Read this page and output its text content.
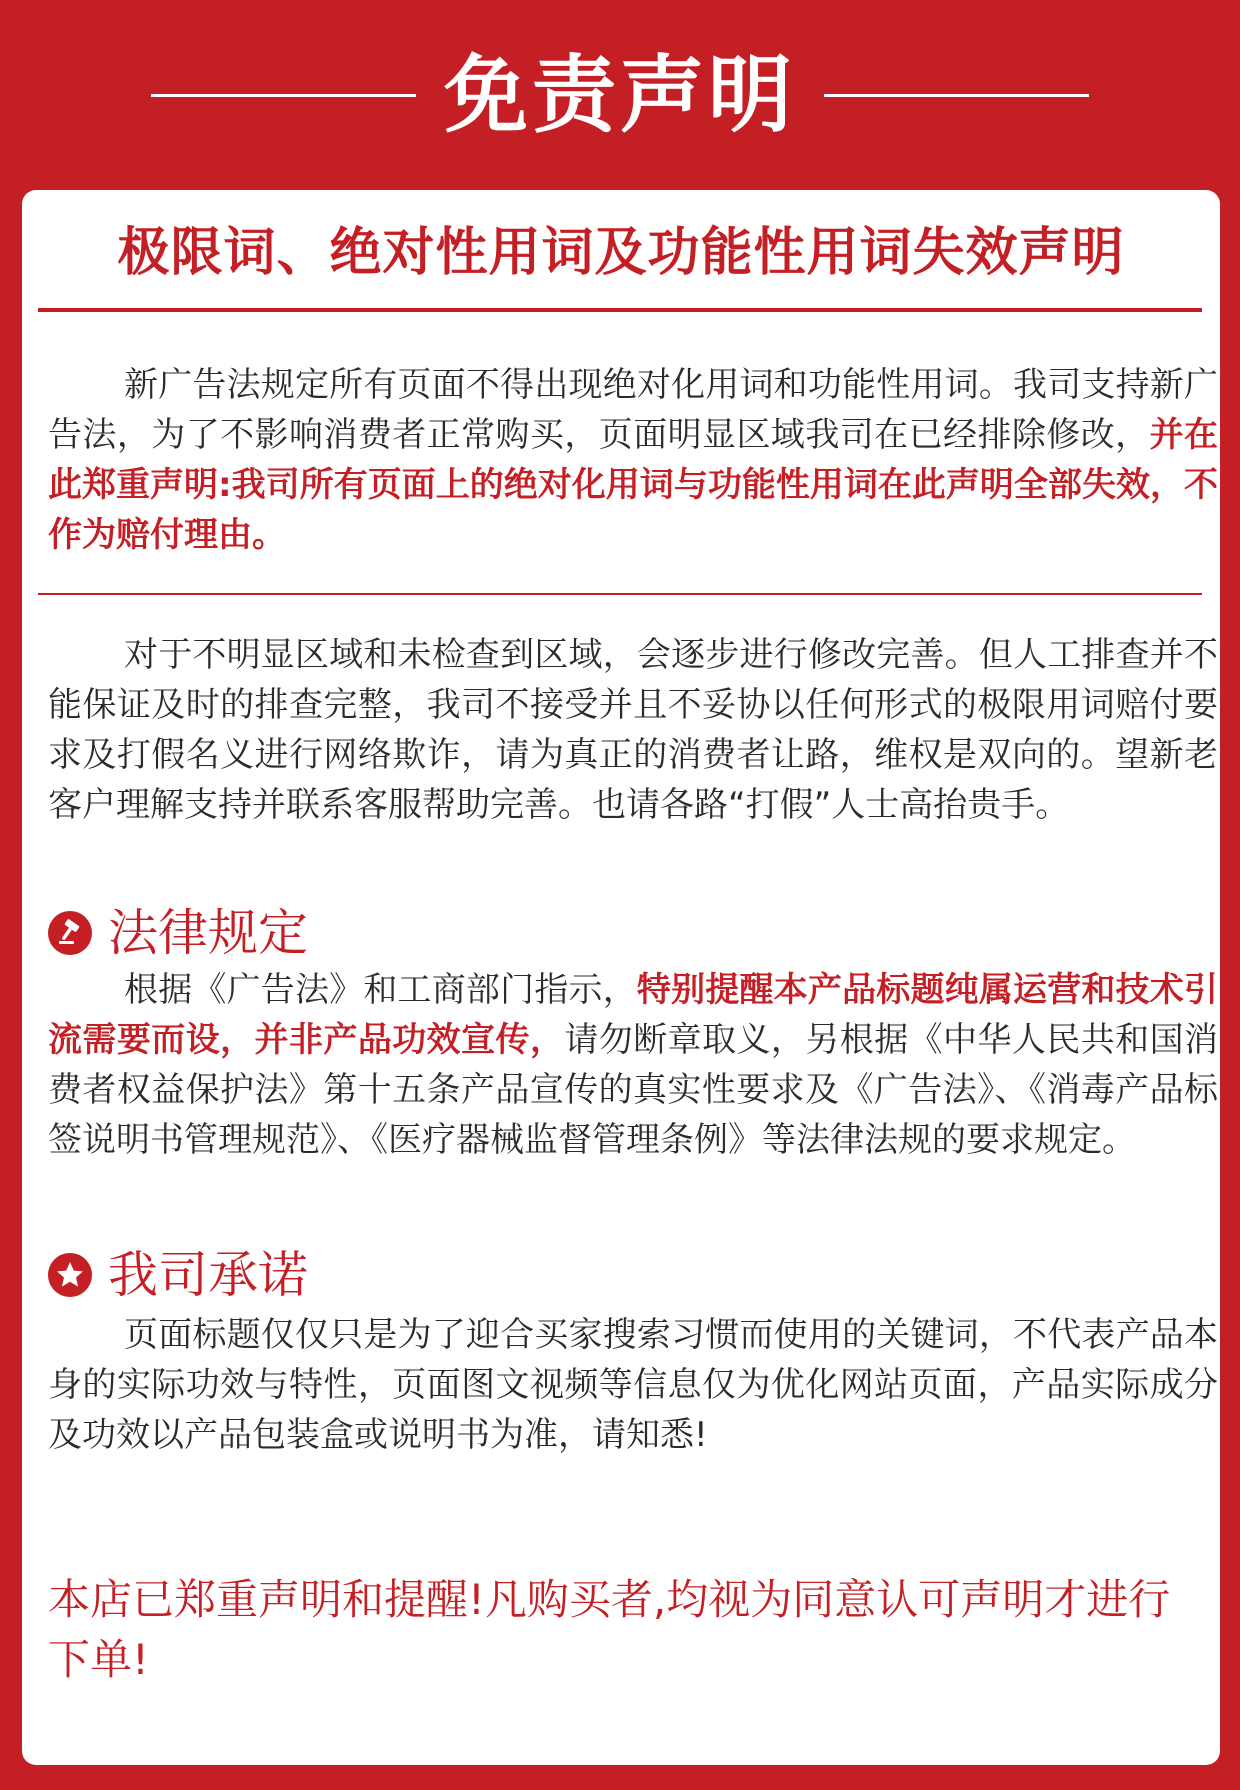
免责声明
极限词、绝对性用词及功能性用词失效声明
新广告法规定所有页面不得出现绝对化用词和功能性用词。我司支持新广告法，为了不影响消费者正常购买，页面明显区域我司在已经排除修改，并在此郑重声明:我司所有页面上的绝对化用词与功能性用词在此声明全部失效，不作为赔付理由。
对于不明显区域和未检查到区域，会逐步进行修改完善。但人工排查并不能保证及时的排查完整，我司不接受并且不妥协以任何形式的极限用词赔付要求及打假名义进行网络欺诈，请为真正的消费者让路，维权是双向的。望新老客户理解支持并联系客服帮助完善。也请各路“打假”人士高抬贵手。
法律规定
根据《广告法》和工商部门指示，特别提醒本产品标题纯属运营和技术引流需要而设，并非产品功效宣传，请勿断章取义，另根据《中华人民共和国消费者权益保护法》第十五条产品宣传的真实性要求及《广告法》、《消毒产品标签说明书管理规范》、《医疗器械监督管理条例》等法律法规的要求规定。
我司承诺
页面标题仅仅只是为了迎合买家搜索习惯而使用的关键词，不代表产品本身的实际功效与特性，页面图文视频等信息仅为优化网站页面，产品实际成分及功效以产品包装盒或说明书为准，请知悉!
本店已郑重声明和提醒!凡购买者,均视为同意认可声明才进行下单!
